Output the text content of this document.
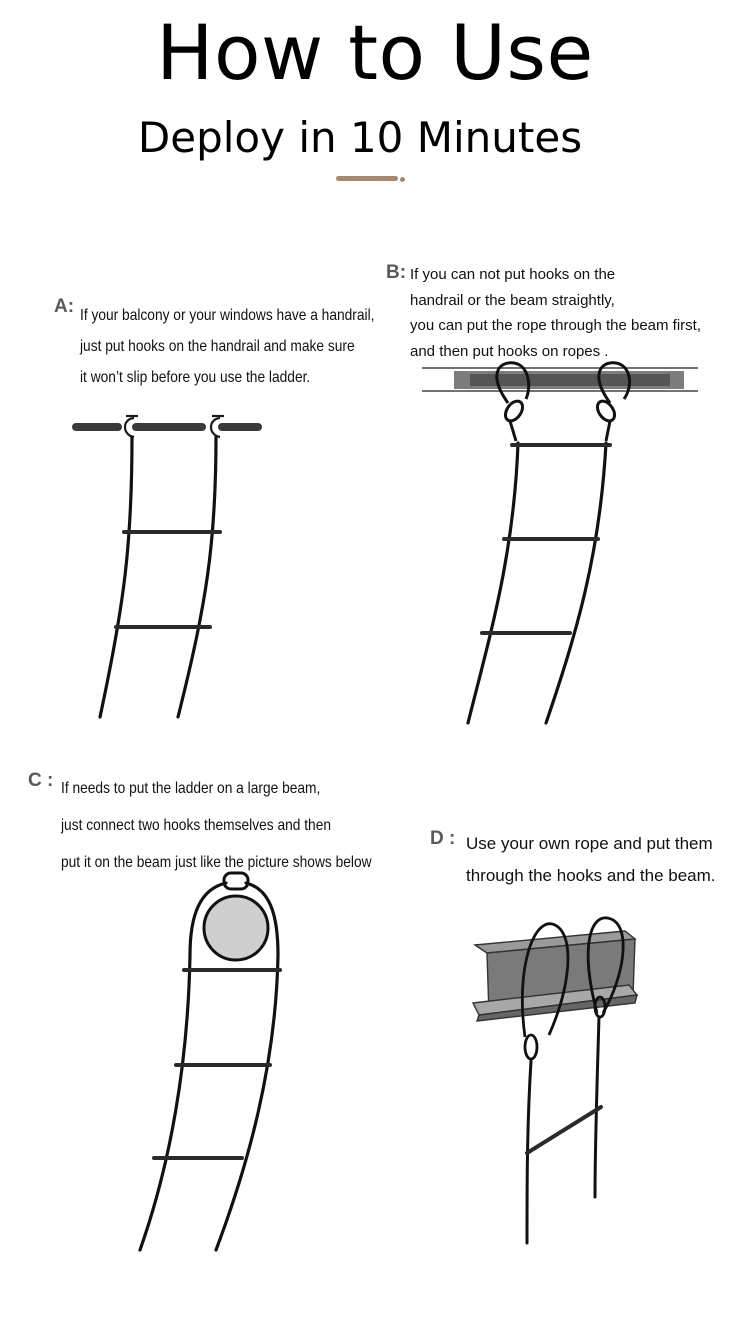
How to Use
Deploy in 10 Minutes
A: If your balcony or your windows have a handrail,
just put hooks on the handrail and make sure
it won’t slip before you use the ladder.
B: If you can not put hooks on the
handrail or the beam straightly,
you can put the rope through the beam first,
and then put hooks on ropes .
C : If needs to put the ladder on a large beam,
just connect two hooks themselves and then
put it on the beam just like the picture shows below
D : Use your own rope and put them
through the hooks and the beam.
